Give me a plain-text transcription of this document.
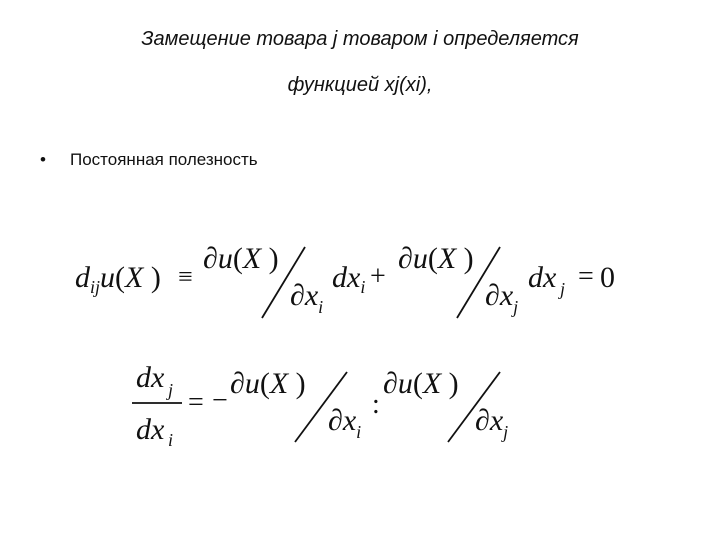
Замещение товара j товаром i определяется
функцией xj(xi),
•	Постоянная полезность
$d_{ij}u(X$ ) ≡
∂u(X )
$\partial x_i$
$dx_i$ +
∂u(X )
$\partial x_j$
dx j = 0
dx j
dx i
= −
∂u(X )
$\partial x_i$
:
∂u(X )
$\partial x_j$
